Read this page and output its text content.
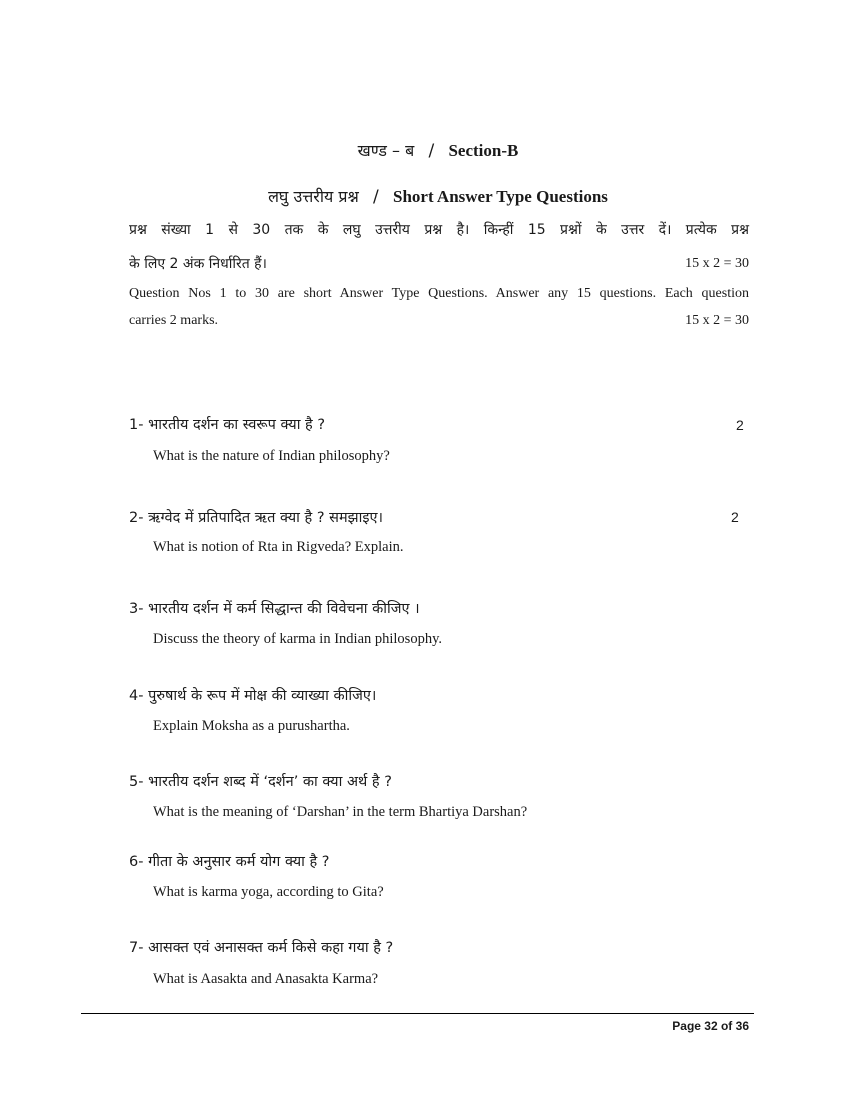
खण्ड – ब / Section-B
लघु उत्तरीय प्रश्न / Short Answer Type Questions
प्रश्न संख्या 1 से 30 तक के लघु उत्तरीय प्रश्न है। किन्हीं 15 प्रश्नों के उत्तर दें। प्रत्येक प्रश्न
के लिए 2 अंक निर्धारित हैं।	15 x 2 = 30
Question Nos 1 to 30 are short Answer Type Questions. Answer any 15 questions. Each question
carries 2 marks.	15 x 2 = 30
1- भारतीय दर्शन का स्वरूप क्या है ?	2
What is the nature of Indian philosophy?
2- ऋग्वेद में प्रतिपादित ऋत क्या है ? समझाइए।	2
What is notion of Rta in Rigveda? Explain.
3- भारतीय दर्शन में कर्म सिद्धान्त की विवेचना कीजिए ।
Discuss the theory of karma in Indian philosophy.
4- पुरुषार्थ के रूप में मोक्ष की व्याख्या कीजिए।
Explain Moksha as a purushartha.
5- भारतीय दर्शन शब्द में ‘दर्शन’ का क्या अर्थ है ?
What is the meaning of ‘Darshan’ in the term Bhartiya Darshan?
6- गीता के अनुसार कर्म योग क्या है ?
What is karma yoga, according to Gita?
7- आसक्त एवं अनासक्त कर्म किसे कहा गया है ?
What is Aasakta and Anasakta Karma?
Page 32 of 36
